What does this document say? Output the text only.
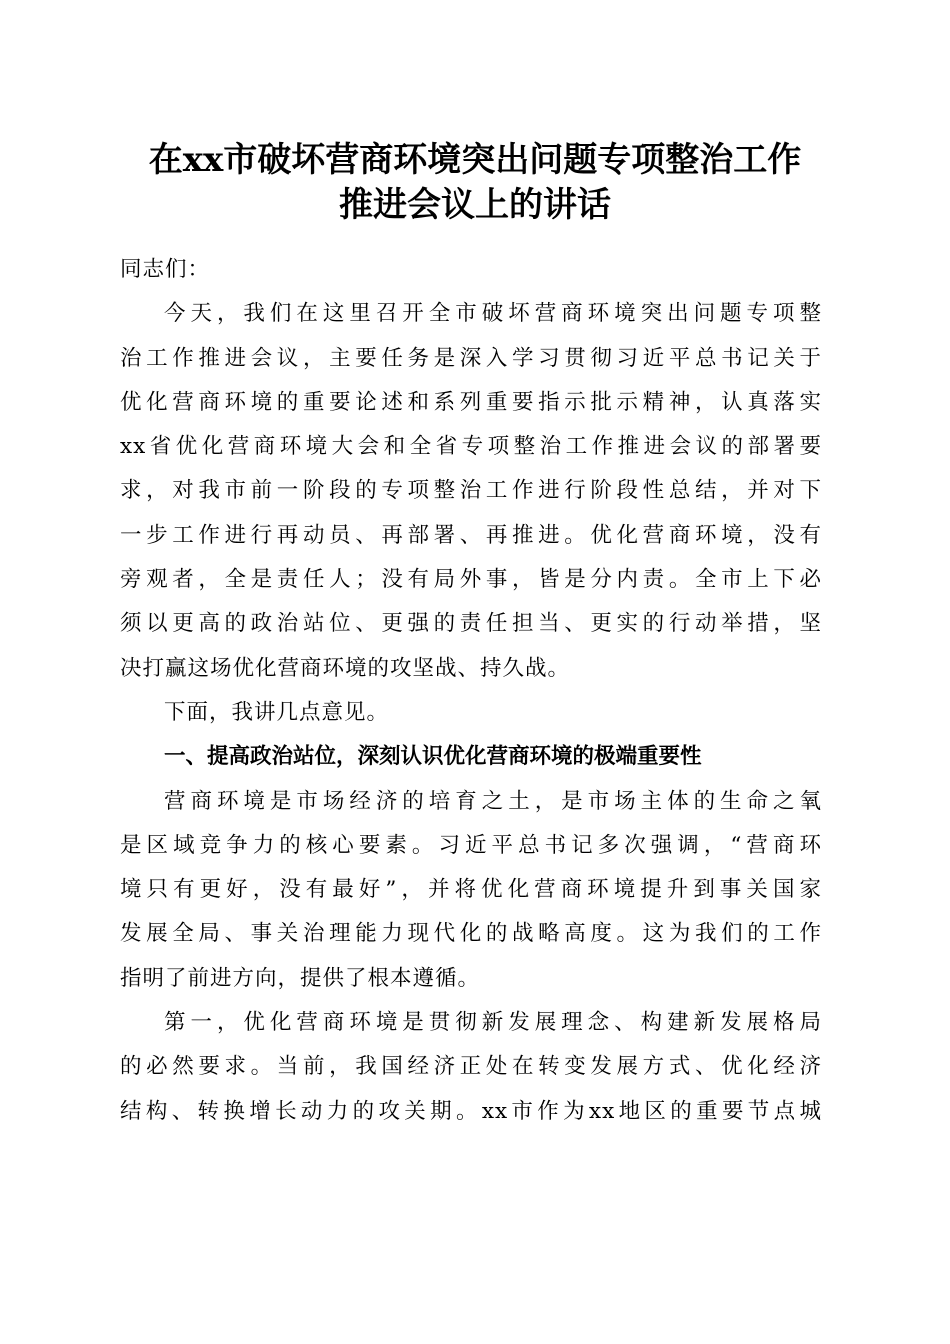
在xx市破坏营商环境突出问题专项整治工作
推进会议上的讲话
同志们：
今天，我们在这里召开全市破坏营商环境突出问题专项整
治工作推进会议，主要任务是深入学习贯彻习近平总书记关于
优化营商环境的重要论述和系列重要指示批示精神，认真落实
xx省优化营商环境大会和全省专项整治工作推进会议的部署要
求，对我市前一阶段的专项整治工作进行阶段性总结，并对下
一步工作进行再动员、再部署、再推进。优化营商环境，没有
旁观者，全是责任人；没有局外事，皆是分内责。全市上下必
须以更高的政治站位、更强的责任担当、更实的行动举措，坚
决打赢这场优化营商环境的攻坚战、持久战。
下面，我讲几点意见。
一、提高政治站位，深刻认识优化营商环境的极端重要性
营商环境是市场经济的培育之土，是市场主体的生命之氧
是区域竞争力的核心要素。习近平总书记多次强调，“营商环
境只有更好，没有最好”，并将优化营商环境提升到事关国家
发展全局、事关治理能力现代化的战略高度。这为我们的工作
指明了前进方向，提供了根本遵循。
第一，优化营商环境是贯彻新发展理念、构建新发展格局
的必然要求。当前，我国经济正处在转变发展方式、优化经济
结构、转换增长动力的攻关期。xx市作为xx地区的重要节点城
